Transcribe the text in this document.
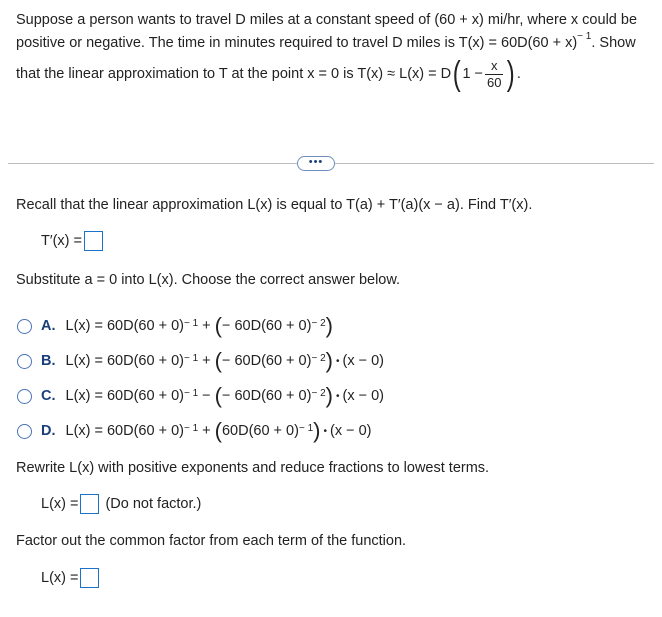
Suppose a person wants to travel D miles at a constant speed of (60 + x) mi/hr, where x could be
positive or negative. The time in minutes required to travel D miles is $T(x) = 60D(60 + x)^{- 1}$. Show
that the linear approximation to T at the point x = 0 is T(x) ≈ L(x) = D ( $1 - \frac{x}{60}$ ) .
•••
Recall that the linear approximation L(x) is equal to T(a) + T′(a)(x − a). Find T′(x).
T′(x) =
Substitute a = 0 into L(x). Choose the correct answer below.
A. $L(x) = 60D(60 + 0)^{- 1}$ + ( − $60D(60 + 0)^{- 2}$ )
B. $L(x) = 60D(60 + 0)^{- 1}$ + ( − $60D(60 + 0)^{- 2}$ ) • (x − 0)
C. $L(x) = 60D(60 + 0)^{- 1}$ − ( − $60D(60 + 0)^{- 2}$ ) • (x − 0)
D. $L(x) = 60D(60 + 0)^{- 1}$ + ( $60D(60 + 0)^{- 1}$ ) • (x − 0)
Rewrite L(x) with positive exponents and reduce fractions to lowest terms.
L(x) = (Do not factor.)
Factor out the common factor from each term of the function.
L(x) =
